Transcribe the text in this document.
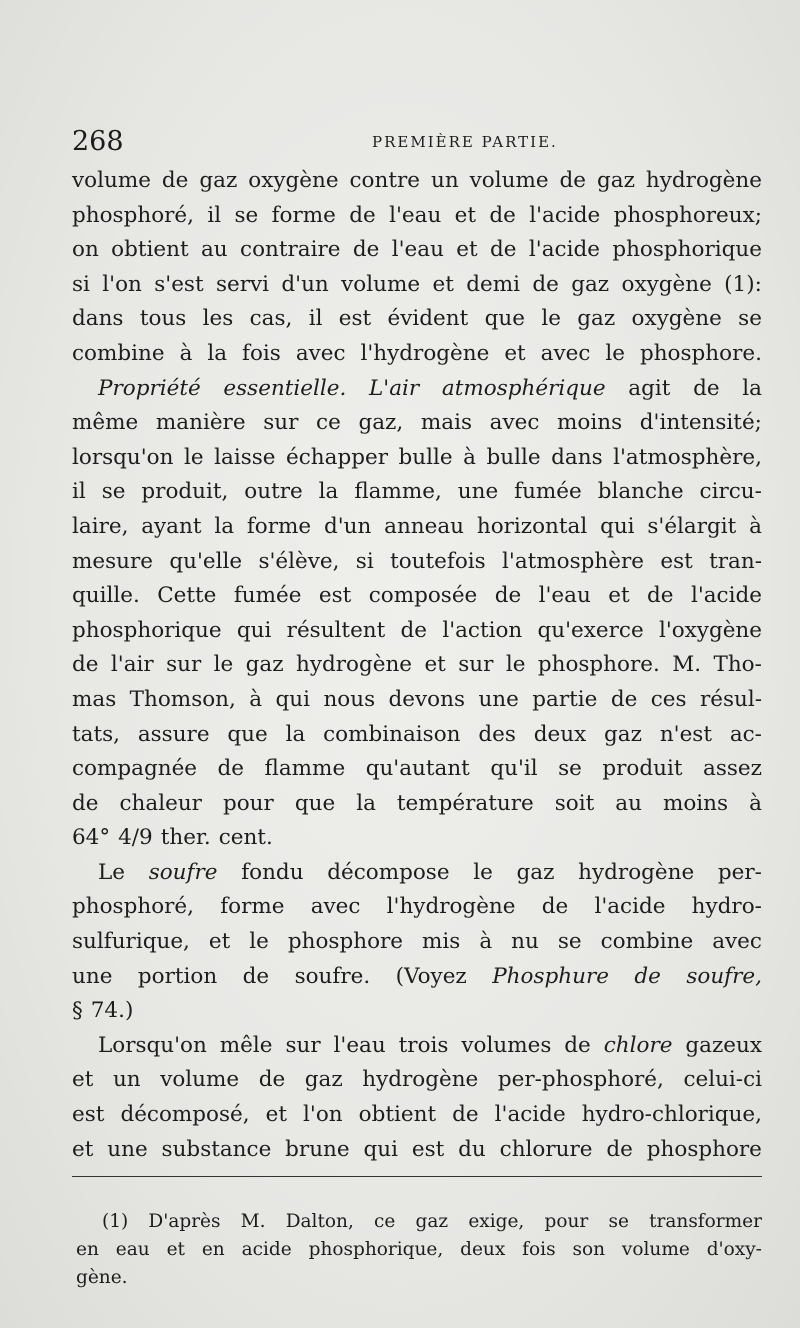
268	PREMIÈRE PARTIE.
volume de gaz oxygène contre un volume de gaz hydrogène
phosphoré, il se forme de l'eau et de l'acide phosphoreux;
on obtient au contraire de l'eau et de l'acide phosphorique
si l'on s'est servi d'un volume et demi de gaz oxygène (1):
dans tous les cas, il est évident que le gaz oxygène se
combine à la fois avec l'hydrogène et avec le phosphore.
Propriété essentielle. L'air atmosphérique agit de la
même manière sur ce gaz, mais avec moins d'intensité;
lorsqu'on le laisse échapper bulle à bulle dans l'atmosphère,
il se produit, outre la flamme, une fumée blanche circu-
laire, ayant la forme d'un anneau horizontal qui s'élargit à
mesure qu'elle s'élève, si toutefois l'atmosphère est tran-
quille. Cette fumée est composée de l'eau et de l'acide
phosphorique qui résultent de l'action qu'exerce l'oxygène
de l'air sur le gaz hydrogène et sur le phosphore. M. Tho-
mas Thomson, à qui nous devons une partie de ces résul-
tats, assure que la combinaison des deux gaz n'est ac-
compagnée de flamme qu'autant qu'il se produit assez
de chaleur pour que la température soit au moins à
64° 4/9 ther. cent.
Le soufre fondu décompose le gaz hydrogène per-
phosphoré, forme avec l'hydrogène de l'acide hydro-
sulfurique, et le phosphore mis à nu se combine avec
une portion de soufre. (Voyez Phosphure de soufre,
§ 74.)
Lorsqu'on mêle sur l'eau trois volumes de chlore gazeux
et un volume de gaz hydrogène per-phosphoré, celui-ci
est décomposé, et l'on obtient de l'acide hydro-chlorique,
et une substance brune qui est du chlorure de phosphore
(1) D'après M. Dalton, ce gaz exige, pour se transformer
en eau et en acide phosphorique, deux fois son volume d'oxy-
gène.
